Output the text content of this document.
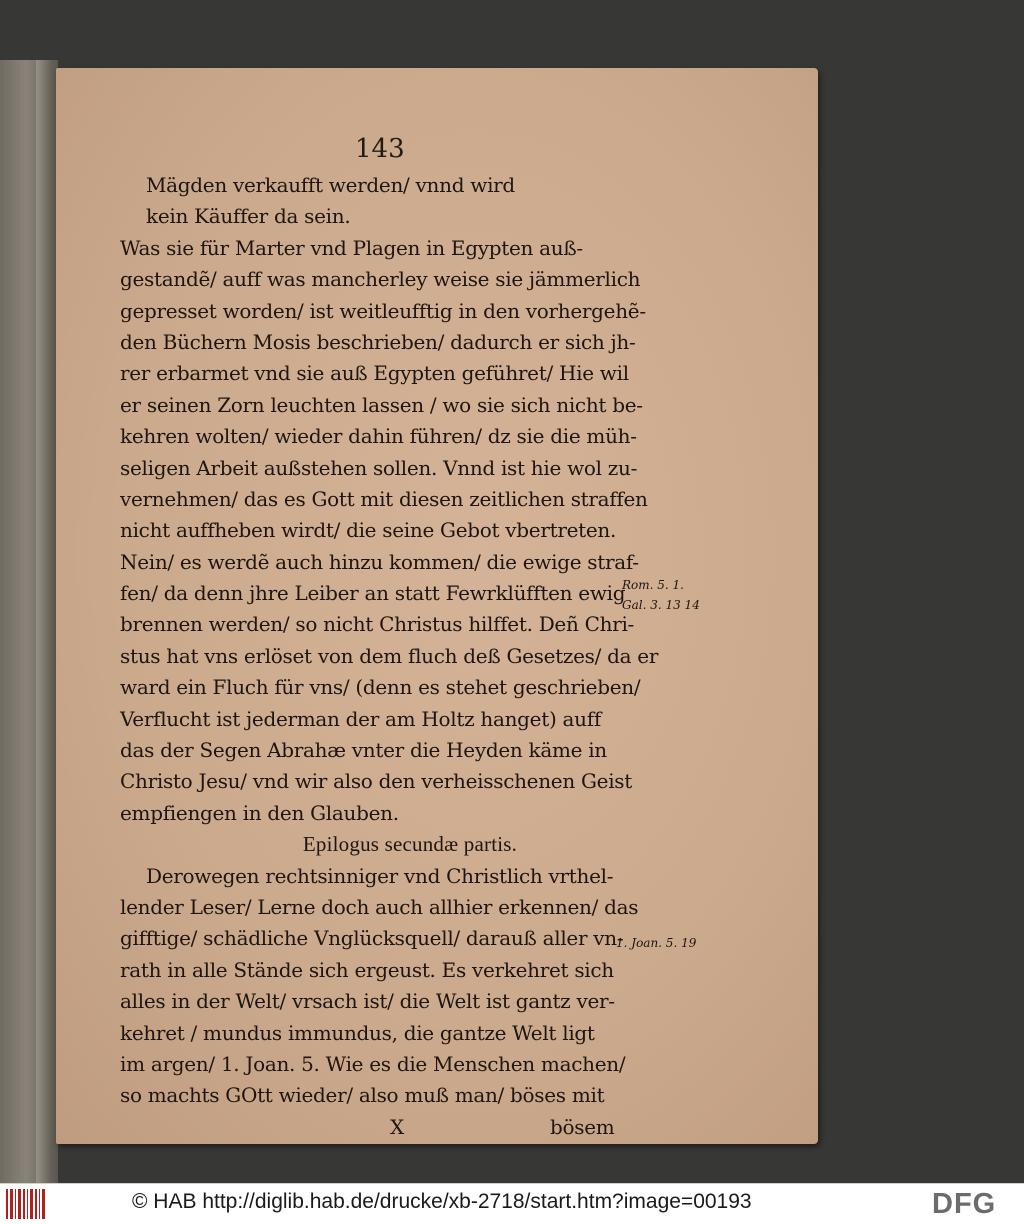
143
Mägden verkaufft werden/ vnnd wird
kein Käuffer da sein.
Was sie für Marter vnd Plagen in Egypten auß-
gestandẽ/ auff was mancherley weise sie jämmerlich
gepresset worden/ ist weitleufftig in den vorhergehẽ-
den Büchern Mosis beschrieben/ dadurch er sich jh-
rer erbarmet vnd sie auß Egypten geführet/ Hie wil
er seinen Zorn leuchten lassen / wo sie sich nicht be-
kehren wolten/ wieder dahin führen/ dz sie die müh-
seligen Arbeit außstehen sollen. Vnnd ist hie wol zu-
vernehmen/ das es Gott mit diesen zeitlichen straffen
nicht auffheben wirdt/ die seine Gebot vbertreten.
Nein/ es werdẽ auch hinzu kommen/ die ewige straf-
fen/ da denn jhre Leiber an statt Fewrklüfften ewig
brennen werden/ so nicht Christus hilffet. Deñ Chri-
stus hat vns erlöset von dem fluch deß Gesetzes/ da er
ward ein Fluch für vns/ (denn es stehet geschrieben/
Verflucht ist jederman der am Holtz hanget) auff
das der Segen Abrahæ vnter die Heyden käme in
Christo Jesu/ vnd wir also den verheisschenen Geist
empfiengen in den Glauben.
Epilogus secundæ partis.
Derowegen rechtsinniger vnd Christlich vrthel-
lender Leser/ Lerne doch auch allhier erkennen/ das
gifftige/ schädliche Vnglücksquell/ darauß aller vn-
rath in alle Stände sich ergeust. Es verkehret sich
alles in der Welt/ vrsach ist/ die Welt ist gantz ver-
kehret / mundus immundus, die gantze Welt ligt
im argen/ 1. Joan. 5. Wie es die Menschen machen/
so machts GOtt wieder/ also muß man/ böses mit
X	bösem
Rom. 5. 1.
Gal. 3. 13 14
1. Joan. 5. 19
© HAB http://diglib.hab.de/drucke/xb-2718/start.htm?image=00193	DFG
